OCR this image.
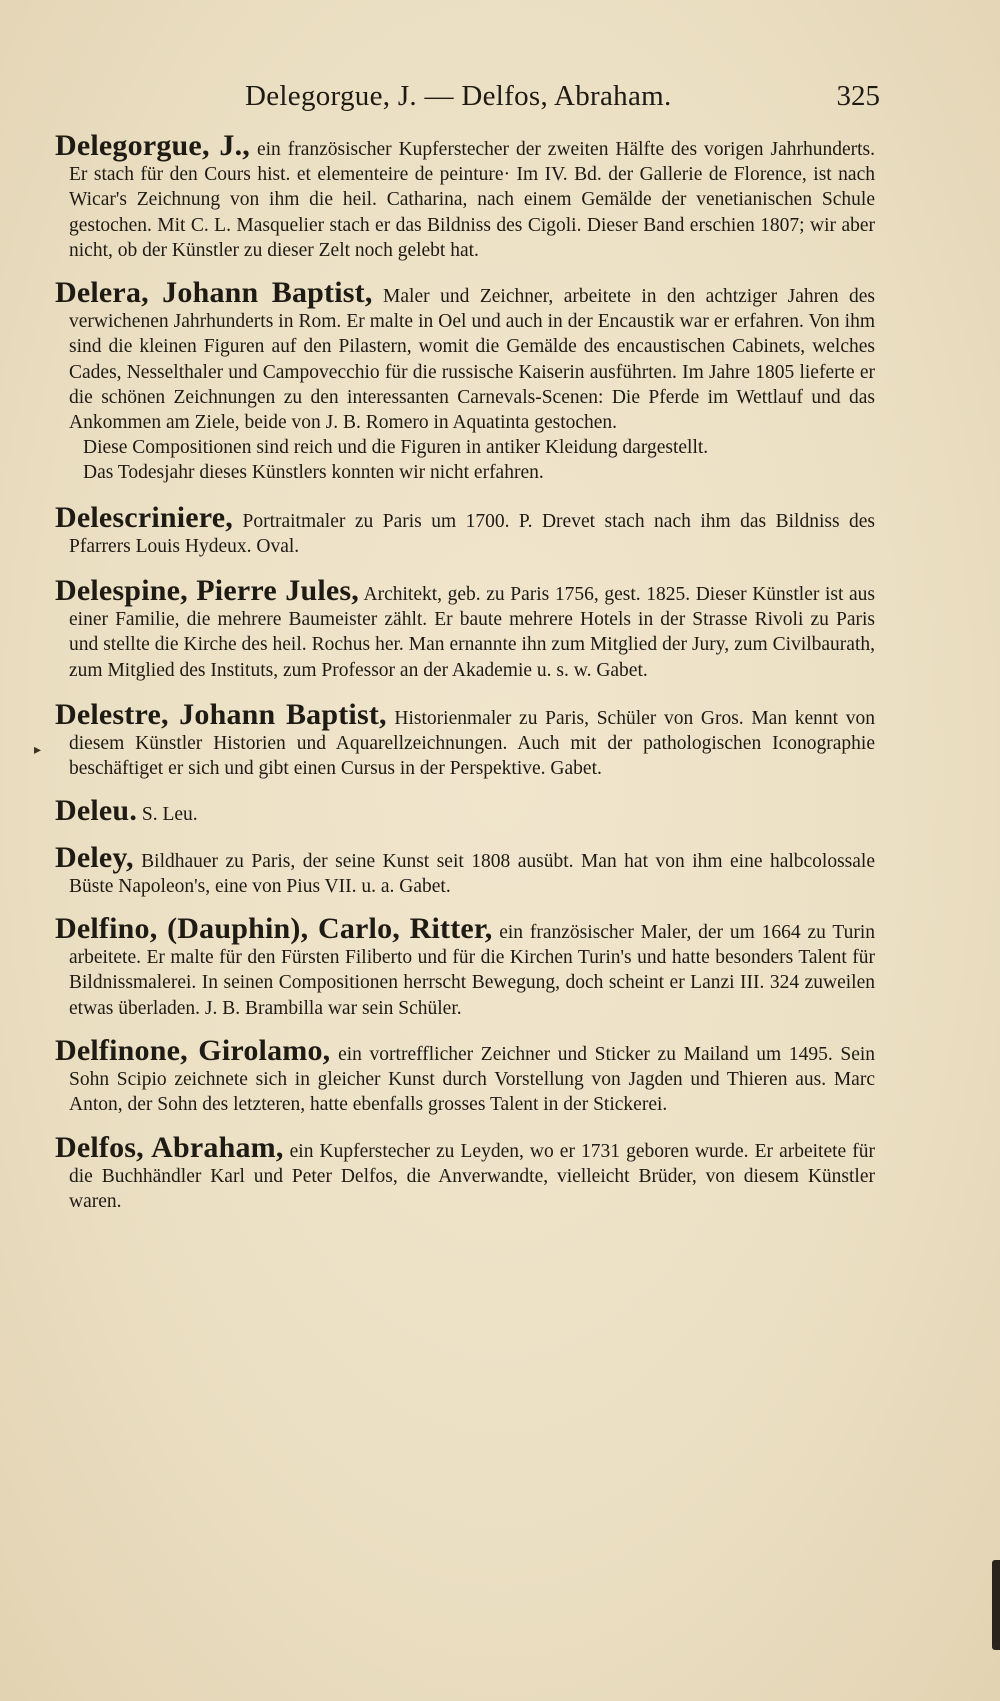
Delegorgue, J. — Delfos, Abraham.	325
▸

Delegorgue, J., ein französischer Kupferstecher der zweiten Hälfte des vorigen Jahrhunderts. Er stach für den Cours hist. et elementeire de peinture· Im IV. Bd. der Gallerie de Florence, ist nach Wicar's Zeichnung von ihm die heil. Catharina, nach einem Gemälde der venetianischen Schule gestochen. Mit C. L. Masquelier stach er das Bildniss des Cigoli. Dieser Band erschien 1807; wir aber nicht, ob der Künstler zu dieser Zelt noch gelebt hat.

Delera, Johann Baptist, Maler und Zeichner, arbeitete in den achtziger Jahren des verwichenen Jahrhunderts in Rom. Er malte in Oel und auch in der Encaustik war er erfahren. Von ihm sind die kleinen Figuren auf den Pilastern, womit die Gemälde des encaustischen Cabinets, welches Cades, Nesselthaler und Campovecchio für die russische Kaiserin ausführten. Im Jahre 1805 lieferte er die schönen Zeichnungen zu den interessanten Carnevals-Scenen: Die Pferde im Wettlauf und das Ankommen am Ziele, beide von J. B. Romero in Aquatinta gestochen.

Diese Compositionen sind reich und die Figuren in antiker Kleidung dargestellt.

Das Todesjahr dieses Künstlers konnten wir nicht erfahren.

Delescriniere, Portraitmaler zu Paris um 1700. P. Drevet stach nach ihm das Bildniss des Pfarrers Louis Hydeux. Oval.

Delespine, Pierre Jules, Architekt, geb. zu Paris 1756, gest. 1825. Dieser Künstler ist aus einer Familie, die mehrere Baumeister zählt. Er baute mehrere Hotels in der Strasse Rivoli zu Paris und stellte die Kirche des heil. Rochus her. Man ernannte ihn zum Mitglied der Jury, zum Civilbaurath, zum Mitglied des Instituts, zum Professor an der Akademie u. s. w. Gabet.

Delestre, Johann Baptist, Historienmaler zu Paris, Schüler von Gros. Man kennt von diesem Künstler Historien und Aquarellzeichnungen. Auch mit der pathologischen Iconographie beschäftiget er sich und gibt einen Cursus in der Perspektive. Gabet.

Deleu. S. Leu.

Deley, Bildhauer zu Paris, der seine Kunst seit 1808 ausübt. Man hat von ihm eine halbcolossale Büste Napoleon's, eine von Pius VII. u. a. Gabet.

Delfino, (Dauphin), Carlo, Ritter, ein französischer Maler, der um 1664 zu Turin arbeitete. Er malte für den Fürsten Filiberto und für die Kirchen Turin's und hatte besonders Talent für Bildnissmalerei. In seinen Compositionen herrscht Bewegung, doch scheint er Lanzi III. 324 zuweilen etwas überladen. J. B. Brambilla war sein Schüler.

Delfinone, Girolamo, ein vortrefflicher Zeichner und Sticker zu Mailand um 1495. Sein Sohn Scipio zeichnete sich in gleicher Kunst durch Vorstellung von Jagden und Thieren aus. Marc Anton, der Sohn des letzteren, hatte ebenfalls grosses Talent in der Stickerei.

Delfos, Abraham, ein Kupferstecher zu Leyden, wo er 1731 geboren wurde. Er arbeitete für die Buchhändler Karl und Peter Delfos, die Anverwandte, vielleicht Brüder, von diesem Künstler waren.
